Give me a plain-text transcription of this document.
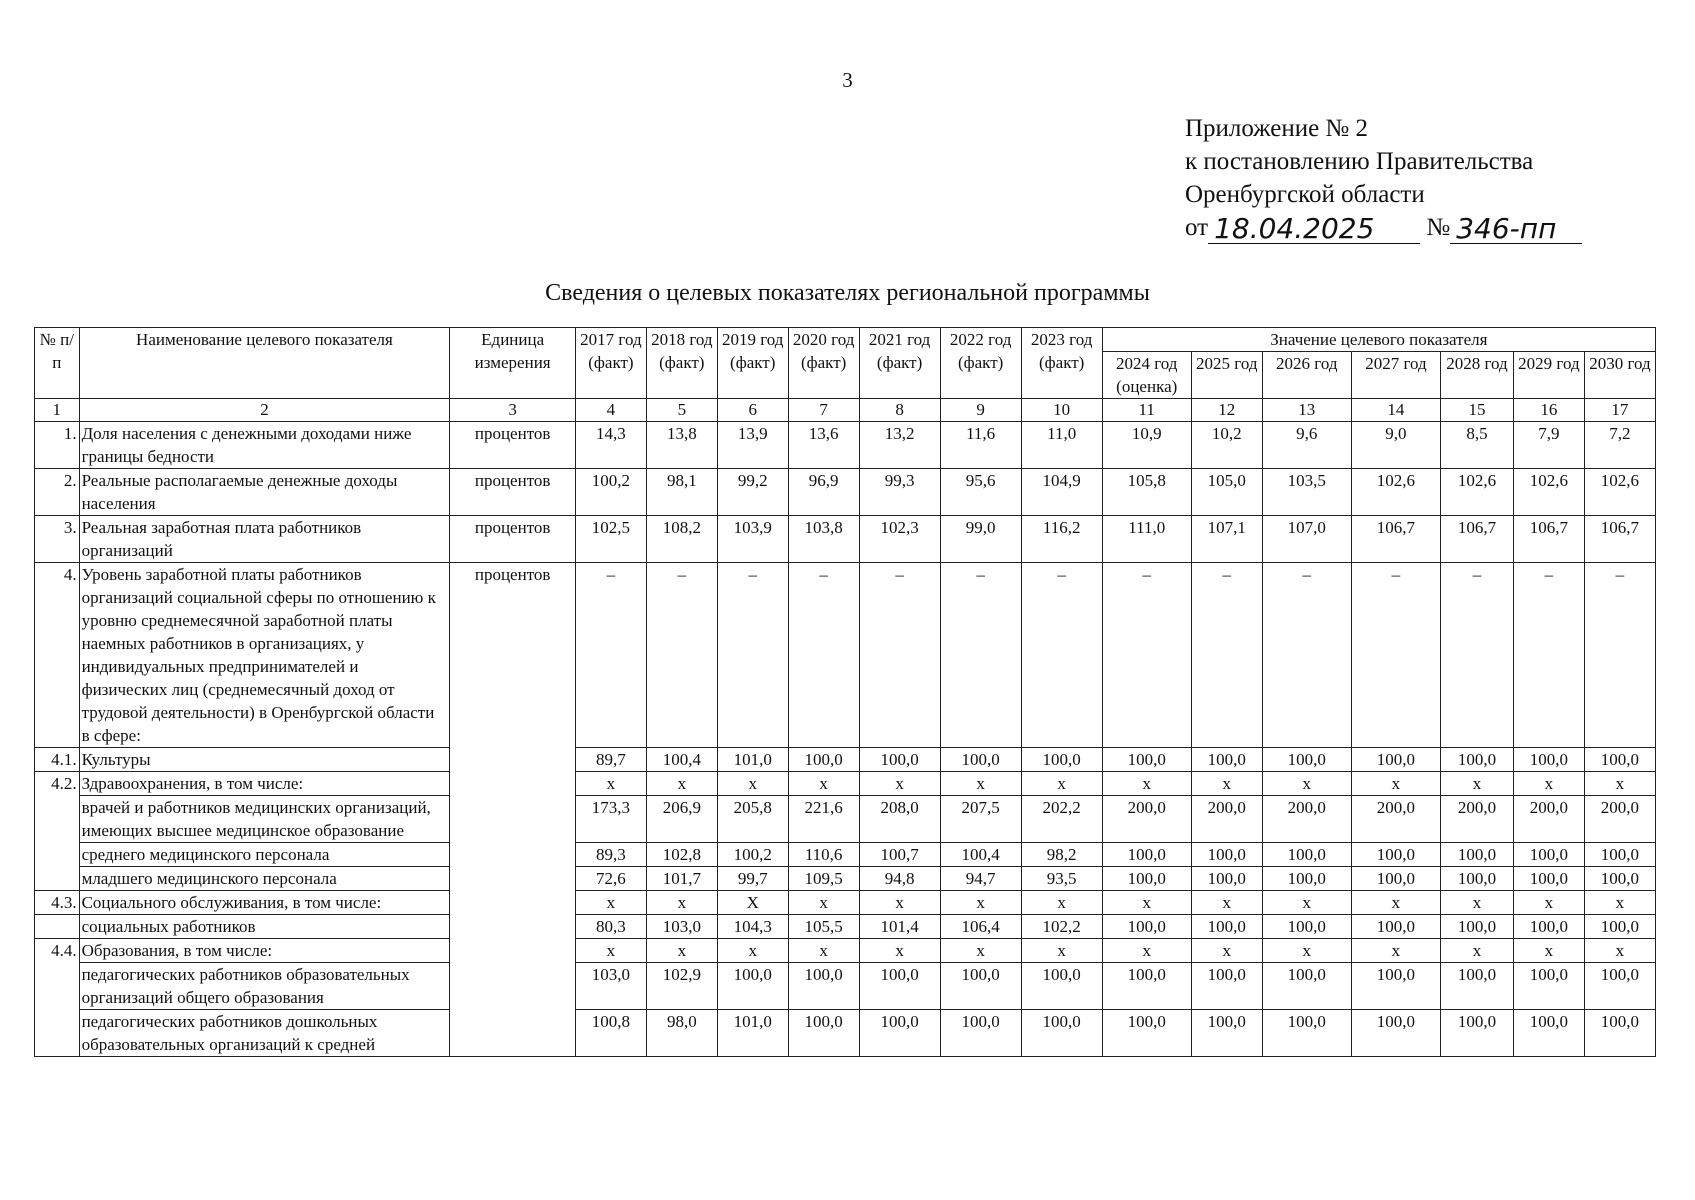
3
Приложение № 2
к постановлению Правительства
Оренбургской области
от 18.04.2025 № 346-пп
Сведения о целевых показателях региональной программы
№ п/п	Наименование целевого показателя	Единица измерения	2017 год (факт)	2018 год (факт)	2019 год (факт)	2020 год (факт)	2021 год (факт)	2022 год (факт)	2023 год (факт)	Значение целевого показателя						
										2024 год (оценка)	2025 год	2026 год	2027 год	2028 год	2029 год	2030 год
1	2	3	4	5	6	7	8	9	10	11	12	13	14	15	16	17
1.	Доля населения с денежными доходами ниже границы бедности	процентов	14,3	13,8	13,9	13,6	13,2	11,6	11,0	10,9	10,2	9,6	9,0	8,5	7,9	7,2
2.	Реальные располагаемые денежные доходы населения	процентов	100,2	98,1	99,2	96,9	99,3	95,6	104,9	105,8	105,0	103,5	102,6	102,6	102,6	102,6
3.	Реальная заработная плата работников организаций	процентов	102,5	108,2	103,9	103,8	102,3	99,0	116,2	111,0	107,1	107,0	106,7	106,7	106,7	106,7
4.	Уровень заработной платы работников организаций социальной сферы по отношению к уровню среднемесячной заработной платы наемных работников в организациях, у индивидуальных предпринимателей и физических лиц (среднемесячный доход от трудовой деятельности) в Оренбургской области в сфере:	процентов	–	–	–	–	–	–	–	–	–	–	–	–	–	–
4.1.	Культуры		89,7	100,4	101,0	100,0	100,0	100,0	100,0	100,0	100,0	100,0	100,0	100,0	100,0	100,0
4.2.	Здравоохранения, в том числе:		x	x	x	x	x	x	x	x	x	x	x	x	x	x
	врачей и работников медицинских организаций, имеющих высшее медицинское образование		173,3	206,9	205,8	221,6	208,0	207,5	202,2	200,0	200,0	200,0	200,0	200,0	200,0	200,0
	среднего медицинского персонала		89,3	102,8	100,2	110,6	100,7	100,4	98,2	100,0	100,0	100,0	100,0	100,0	100,0	100,0
	младшего медицинского персонала		72,6	101,7	99,7	109,5	94,8	94,7	93,5	100,0	100,0	100,0	100,0	100,0	100,0	100,0
4.3.	Социального обслуживания, в том числе:		x	x	X	x	x	x	x	x	x	x	x	x	x	x
	социальных работников		80,3	103,0	104,3	105,5	101,4	106,4	102,2	100,0	100,0	100,0	100,0	100,0	100,0	100,0
4.4.	Образования, в том числе:		x	x	x	x	x	x	x	x	x	x	x	x	x	x
	педагогических работников образовательных организаций общего образования		103,0	102,9	100,0	100,0	100,0	100,0	100,0	100,0	100,0	100,0	100,0	100,0	100,0	100,0
	педагогических работников дошкольных образовательных организаций к средней		100,8	98,0	101,0	100,0	100,0	100,0	100,0	100,0	100,0	100,0	100,0	100,0	100,0	100,0
